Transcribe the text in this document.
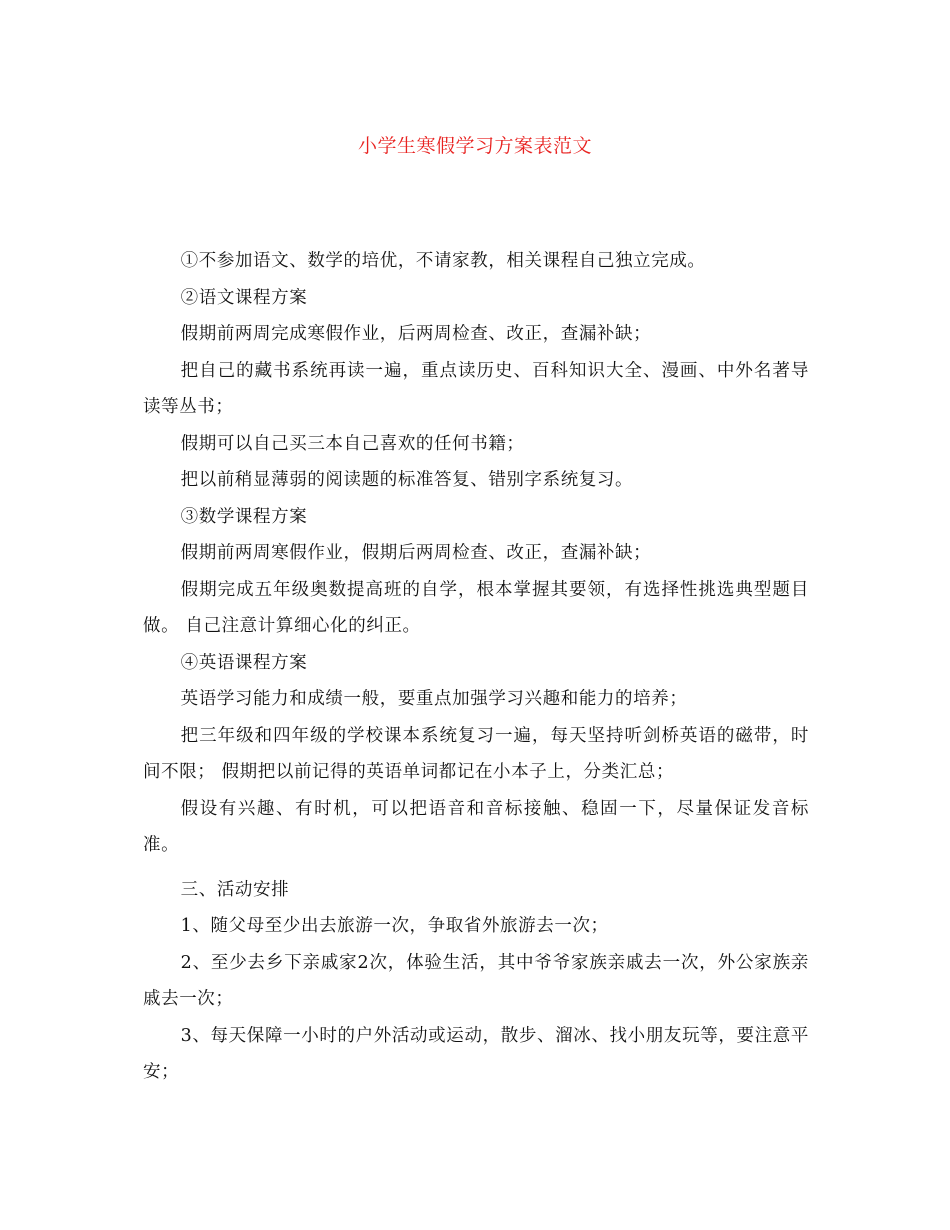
小学生寒假学习方案表范文

①不参加语文、数学的培优，不请家教，相关课程自己独立完成。

②语文课程方案

假期前两周完成寒假作业，后两周检查、改正，查漏补缺；

把自己的藏书系统再读一遍，重点读历史、百科知识大全、漫画、中外名著导读等丛书；

假期可以自己买三本自己喜欢的任何书籍；

把以前稍显薄弱的阅读题的标准答复、错别字系统复习。

③数学课程方案

假期前两周寒假作业，假期后两周检查、改正，查漏补缺；

假期完成五年级奥数提高班的自学，根本掌握其要领，有选择性挑选典型题目做。 自己注意计算细心化的纠正。

④英语课程方案

英语学习能力和成绩一般，要重点加强学习兴趣和能力的培养；

把三年级和四年级的学校课本系统复习一遍，每天坚持听剑桥英语的磁带，时间不限； 假期把以前记得的英语单词都记在小本子上，分类汇总；

假设有兴趣、有时机，可以把语音和音标接触、稳固一下，尽量保证发音标准。

三、活动安排

1、随父母至少出去旅游一次，争取省外旅游去一次；

2、至少去乡下亲戚家2次，体验生活，其中爷爷家族亲戚去一次，外公家族亲戚去一次；

3、每天保障一小时的户外活动或运动，散步、溜冰、找小朋友玩等，要注意平安；
